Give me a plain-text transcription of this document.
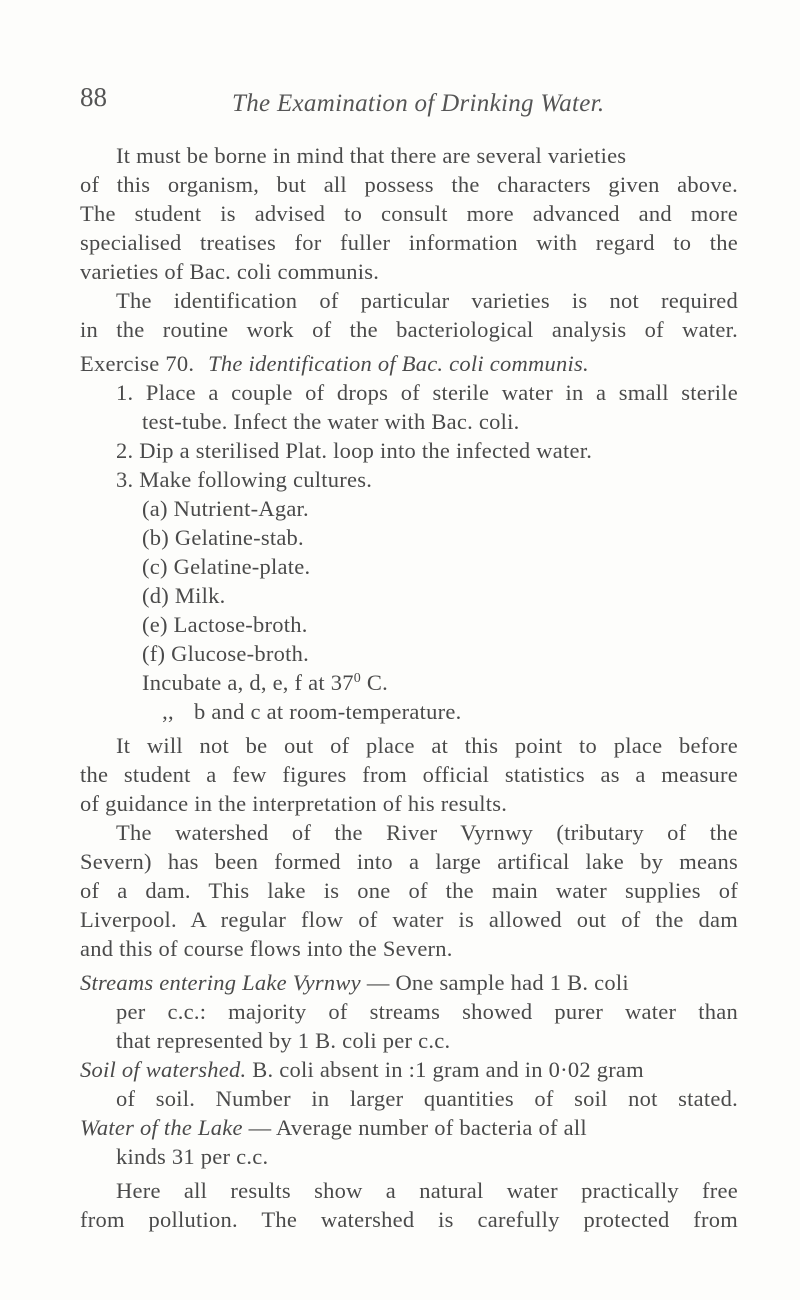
88	The Examination of Drinking Water.
It must be borne in mind that there are several varieties
of this organism, but all possess the characters given above.
The student is advised to consult more advanced and more
specialised treatises for fuller information with regard to the
varieties of Bac. coli communis.
The identification of particular varieties is not required
in the routine work of the bacteriological analysis of water.
Exercise 70. The identification of Bac. coli communis.
1. Place a couple of drops of sterile water in a small sterile
test-tube. Infect the water with Bac. coli.
2. Dip a sterilised Plat. loop into the infected water.
3. Make following cultures.
(a) Nutrient-Agar.
(b) Gelatine-stab.
(c) Gelatine-plate.
(d) Milk.
(e) Lactose-broth.
(f) Glucose-broth.
Incubate a, d, e, f at $37^0$ C.
,, b and c at room-temperature.
It will not be out of place at this point to place before
the student a few figures from official statistics as a measure
of guidance in the interpretation of his results.
The watershed of the River Vyrnwy (tributary of the
Severn) has been formed into a large artifical lake by means
of a dam. This lake is one of the main water supplies of
Liverpool. A regular flow of water is allowed out of the dam
and this of course flows into the Severn.
Streams entering Lake Vyrnwy — One sample had 1 B. coli
per c.c.: majority of streams showed purer water than
that represented by 1 B. coli per c.c.
Soil of watershed. B. coli absent in :1 gram and in 0·02 gram
of soil. Number in larger quantities of soil not stated.
Water of the Lake — Average number of bacteria of all
kinds 31 per c.c.
Here all results show a natural water practically free
from pollution. The watershed is carefully protected from
